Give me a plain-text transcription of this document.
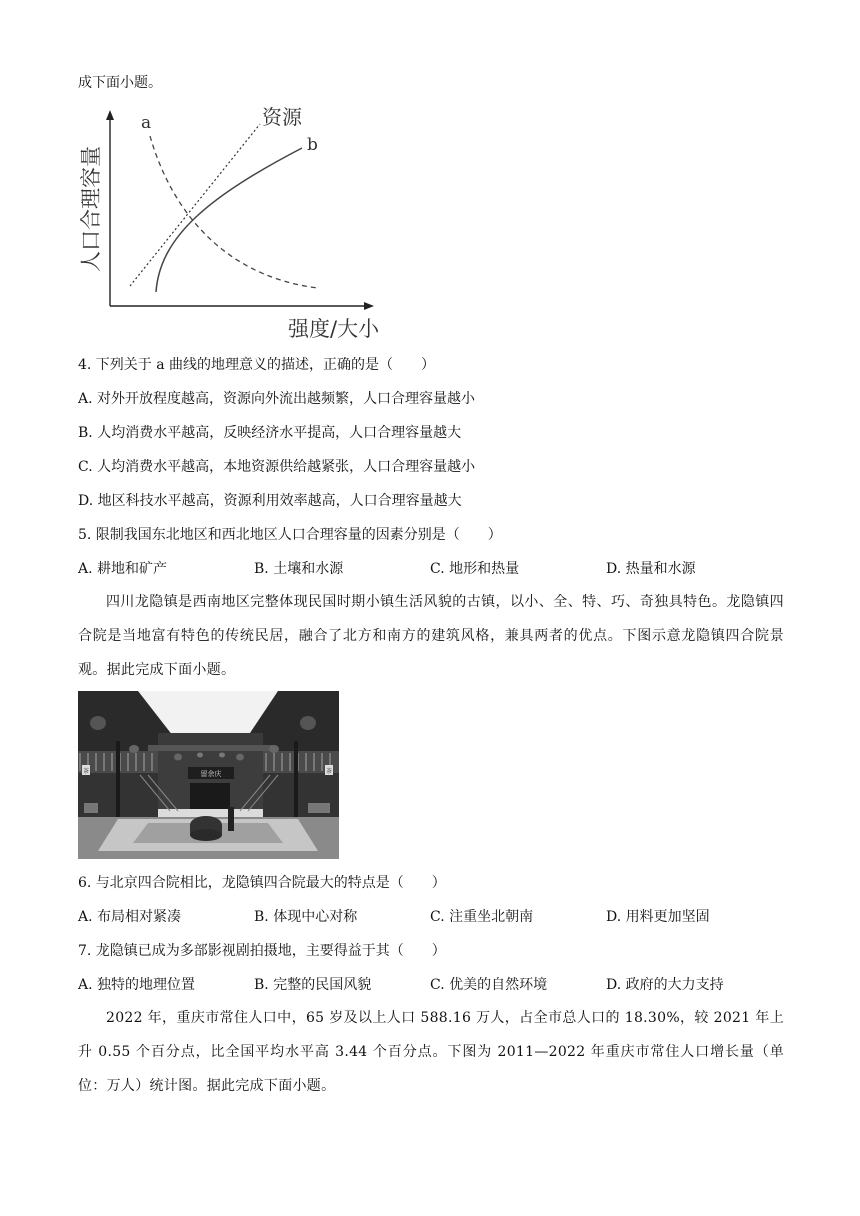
成下面小题。
a
b
资源
人口合理容量
强度/大小
4. 下列关于 a 曲线的地理意义的描述，正确的是（　　）
A. 对外开放程度越高，资源向外流出越频繁，人口合理容量越小
B. 人均消费水平越高，反映经济水平提高，人口合理容量越大
C. 人均消费水平越高，本地资源供给越紧张，人口合理容量越小
D. 地区科技水平越高，资源利用效率越高，人口合理容量越大
5. 限制我国东北地区和西北地区人口合理容量的因素分别是（　　）
A. 耕地和矿产	B. 土壤和水源	C. 地形和热量	D. 热量和水源
四川龙隐镇是西南地区完整体现民国时期小镇生活风貌的古镇，以小、全、特、巧、奇独具特色。龙隐镇四合院是当地富有特色的传统民居，融合了北方和南方的建筑风格，兼具两者的优点。下图示意龙隐镇四合院景观。据此完成下面小题。
留余庆
茶	茶
6. 与北京四合院相比，龙隐镇四合院最大的特点是（　　）
A. 布局相对紧凑	B. 体现中心对称	C. 注重坐北朝南	D. 用料更加坚固
7. 龙隐镇已成为多部影视剧拍摄地，主要得益于其（　　）
A. 独特的地理位置	B. 完整的民国风貌	C. 优美的自然环境	D. 政府的大力支持
2022 年，重庆市常住人口中，65 岁及以上人口 588.16 万人，占全市总人口的 18.30%，较 2021 年上升 0.55 个百分点，比全国平均水平高 3.44 个百分点。下图为 2011—2022 年重庆市常住人口增长量（单位：万人）统计图。据此完成下面小题。
